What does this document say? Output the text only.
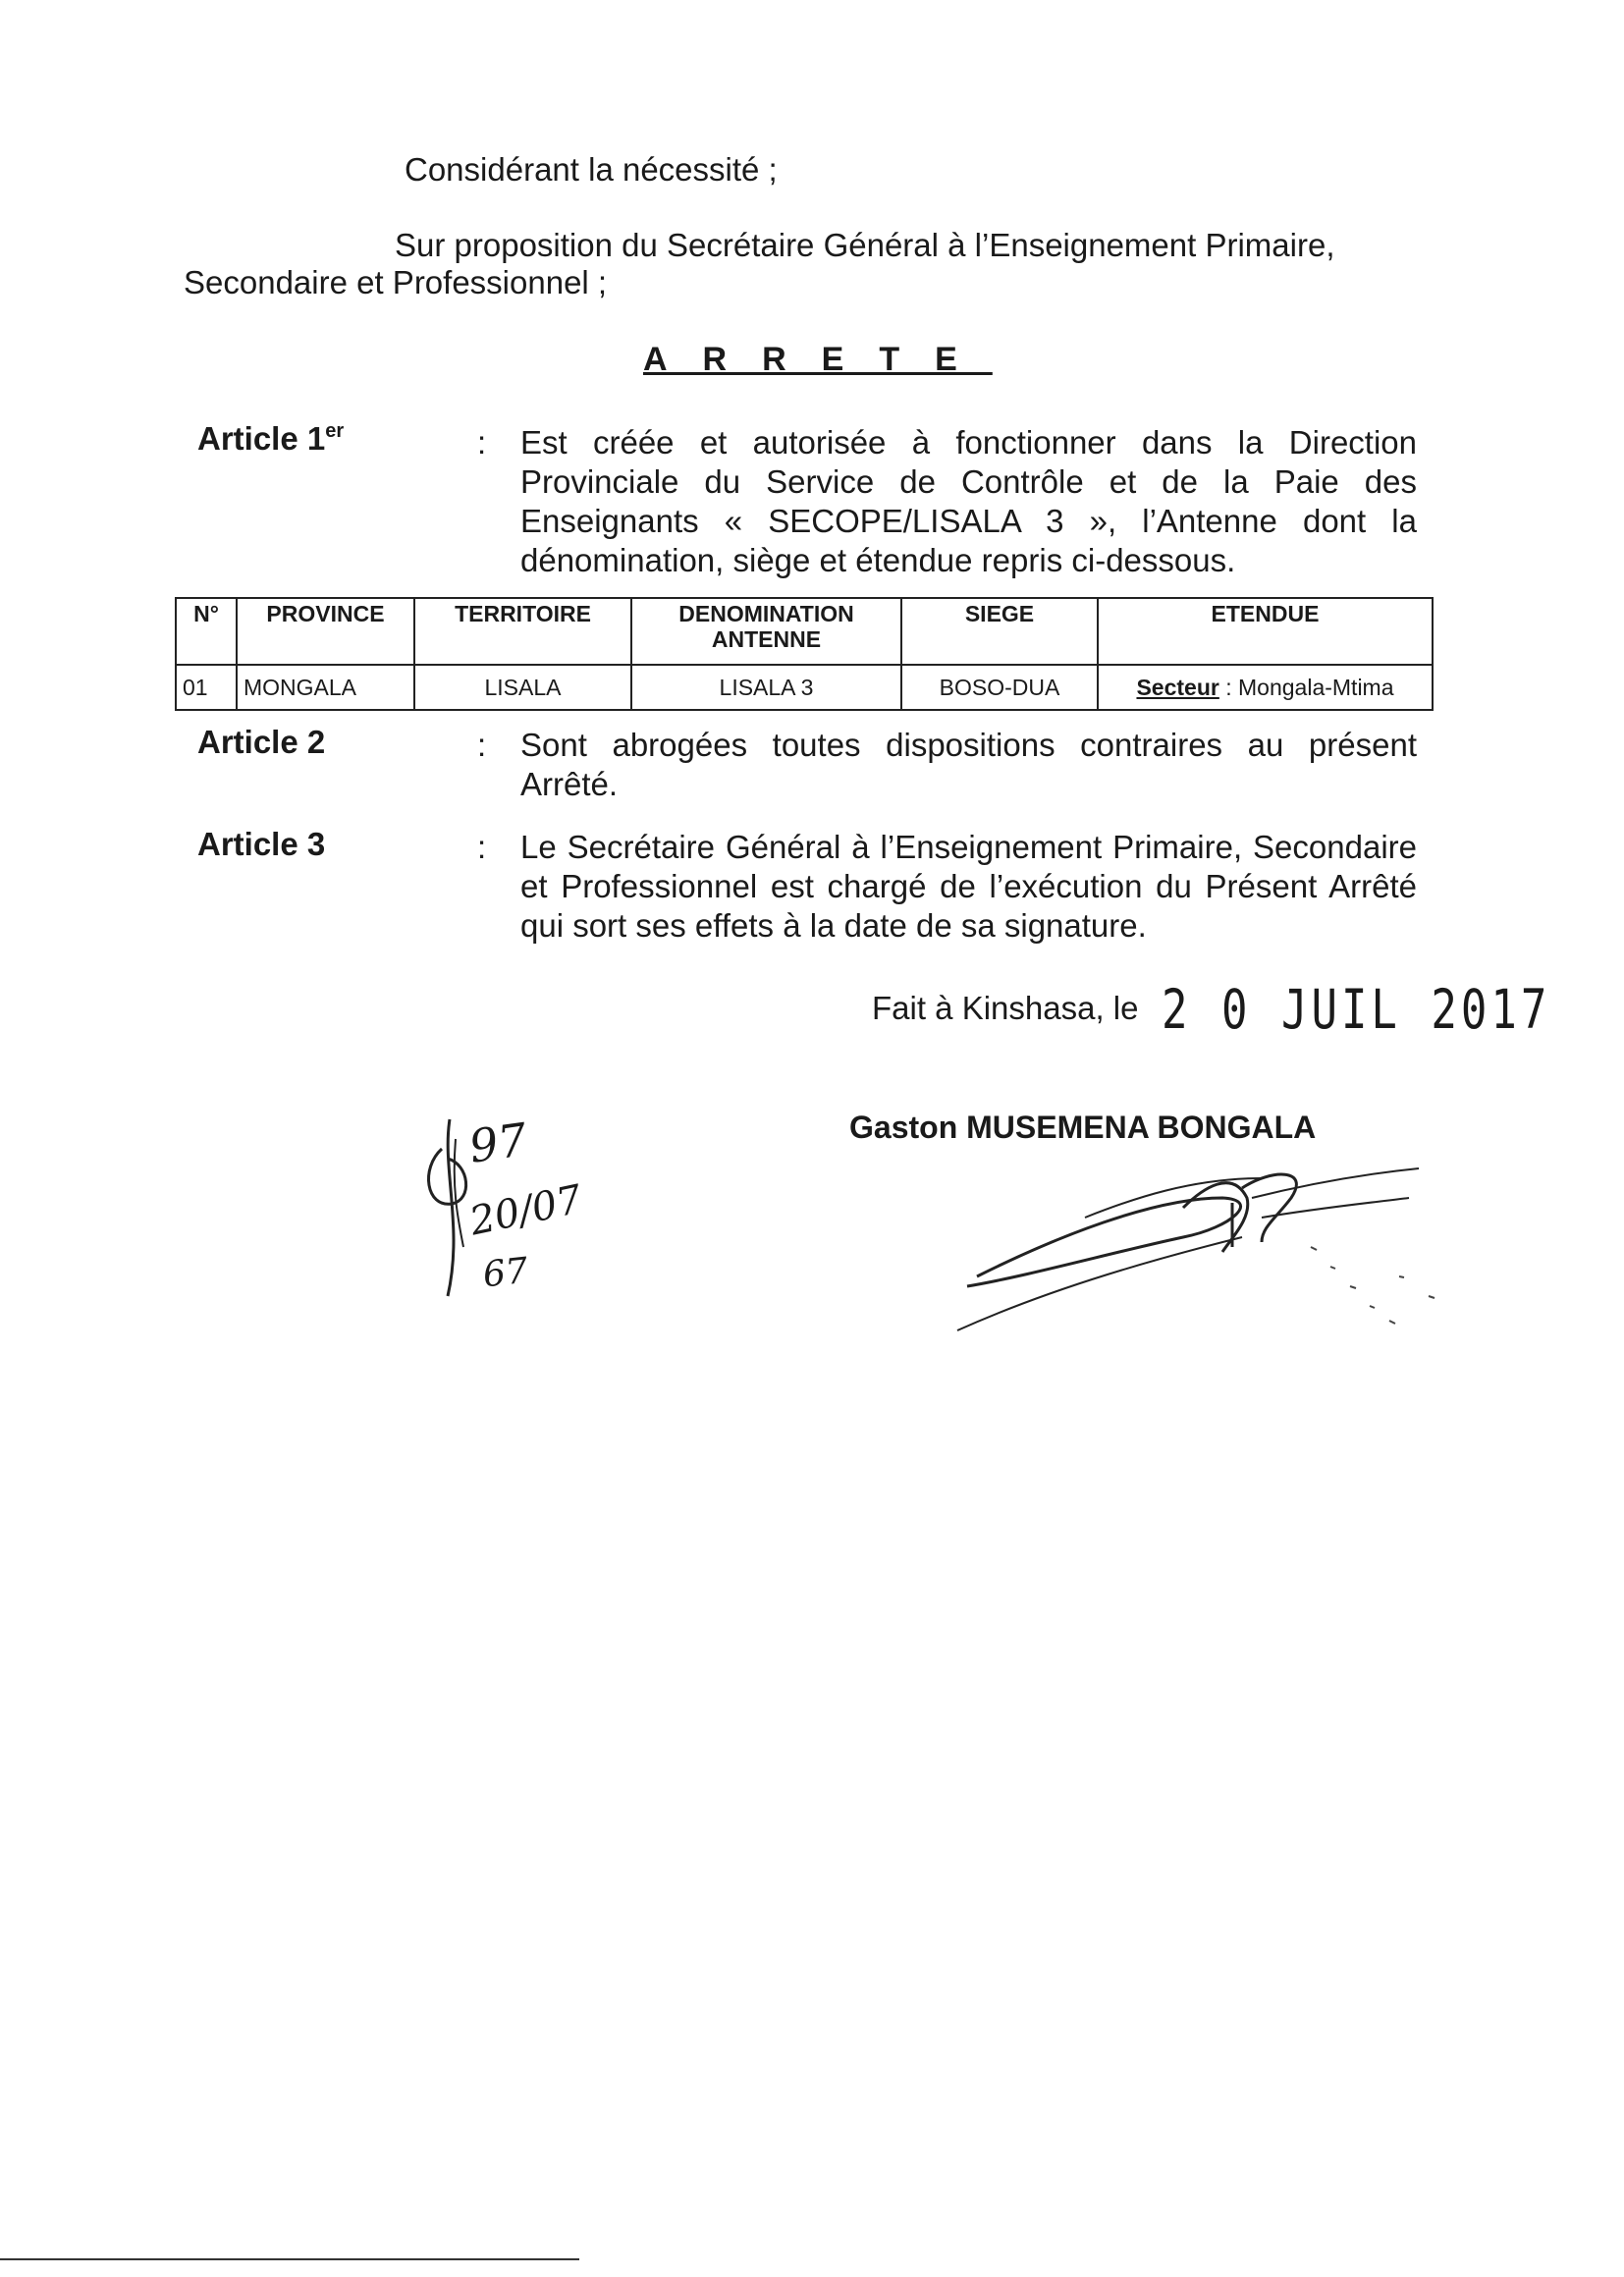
Considérant la nécessité ;
Sur proposition du Secrétaire Général à l’Enseignement Primaire,
Secondaire et Professionnel ;
ARRETE
Article 1er	: Est créée et autorisée à fonctionner dans la Direction Provinciale du Service de Contrôle et de la Paie des Enseignants « SECOPE/LISALA 3 », l’Antenne dont la dénomination, siège et étendue repris ci-dessous.
N°	PROVINCE	TERRITOIRE	DENOMINATION ANTENNE	SIEGE	ETENDUE
01	MONGALA	LISALA	LISALA 3	BOSO-DUA	Secteur : Mongala-Mtima
Article 2	: Sont abrogées toutes dispositions contraires au présent Arrêté.
Article 3	: Le Secrétaire Général à l’Enseignement Primaire, Secondaire et Professionnel est chargé de l’exécution du Présent Arrêté qui sort ses effets à la date de sa signature.
Fait à Kinshasa, le 2 0 JUIL 2017
Gaston MUSEMENA BONGALA
97
20/07
67
